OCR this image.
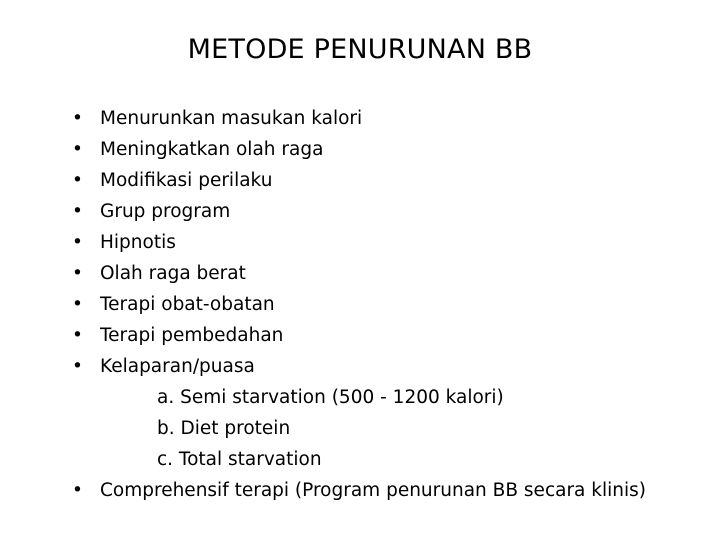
METODE PENURUNAN BB
• Menurunkan masukan kalori
• Meningkatkan olah raga
• Modifikasi perilaku
• Grup program
• Hipnotis
• Olah raga berat
• Terapi obat-obatan
• Terapi pembedahan
• Kelaparan/puasa
a. Semi starvation (500 - 1200 kalori)
b. Diet protein
c. Total starvation
• Comprehensif terapi (Program penurunan BB secara klinis)
